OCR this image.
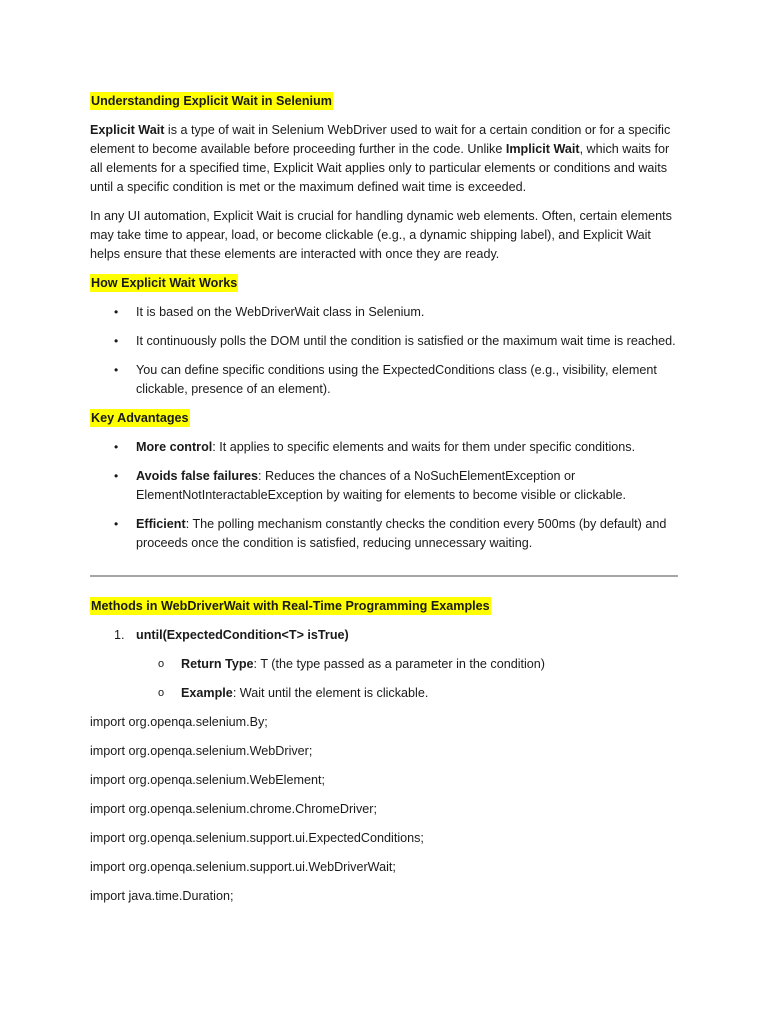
Understanding Explicit Wait in Selenium

Explicit Wait is a type of wait in Selenium WebDriver used to wait for a certain condition or for a specific element to become available before proceeding further in the code. Unlike Implicit Wait, which waits for all elements for a specified time, Explicit Wait applies only to particular elements or conditions and waits until a specific condition is met or the maximum defined wait time is exceeded.

In any UI automation, Explicit Wait is crucial for handling dynamic web elements. Often, certain elements may take time to appear, load, or become clickable (e.g., a dynamic shipping label), and Explicit Wait helps ensure that these elements are interacted with once they are ready.

How Explicit Wait Works
• It is based on the WebDriverWait class in Selenium.
• It continuously polls the DOM until the condition is satisfied or the maximum wait time is reached.
• You can define specific conditions using the ExpectedConditions class (e.g., visibility, element clickable, presence of an element).
Key Advantages
• More control: It applies to specific elements and waits for them under specific conditions.
• Avoids false failures: Reduces the chances of a NoSuchElementException or ElementNotInteractableException by waiting for elements to become visible or clickable.
• Efficient: The polling mechanism constantly checks the condition every 500ms (by default) and proceeds once the condition is satisfied, reducing unnecessary waiting.
Methods in WebDriverWait with Real-Time Programming Examples
1. until(ExpectedCondition<T> isTrue)
o Return Type: T (the type passed as a parameter in the condition)
o Example: Wait until the element is clickable.
import org.openqa.selenium.By;
import org.openqa.selenium.WebDriver;
import org.openqa.selenium.WebElement;
import org.openqa.selenium.chrome.ChromeDriver;
import org.openqa.selenium.support.ui.ExpectedConditions;
import org.openqa.selenium.support.ui.WebDriverWait;
import java.time.Duration;
